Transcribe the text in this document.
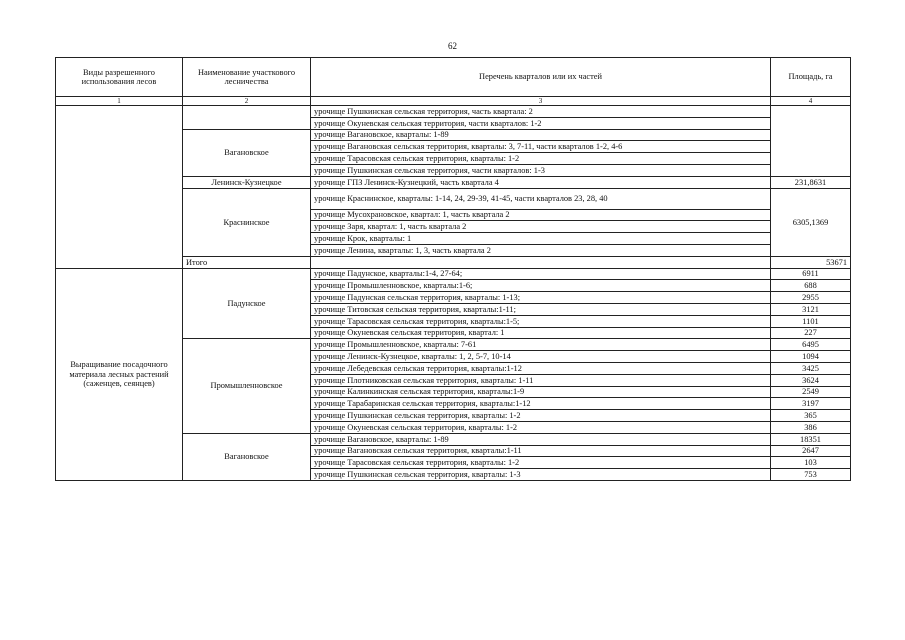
62
Виды разрешенного использования лесов	Наименование участкового лесничества	Перечень кварталов или их частей	Площадь, га
1	2	3	4
		урочище Пушкинская сельская территория, часть квартала: 2	
		урочище Окуневская сельская территория, части кварталов: 1-2	
	Вагановское	урочище Вагановское, кварталы: 1-89	
		урочище Вагановская сельская территория, кварталы: 3, 7-11, части кварталов 1-2, 4-6	
		урочище Тарасовская сельская территория, кварталы: 1-2	
		урочище Пушкинская сельская территория, части кварталов: 1-3	
	Ленинск-Кузнецкое	урочище ГПЗ Ленинск-Кузнецкий, часть квартала 4	231,8631
	Краснинское	урочище Краснинское, кварталы: 1-14, 24, 29-39, 41-45, части кварталов 23, 28, 40	6305,1369
		урочище Мусохрановское, квартал: 1, часть квартала 2	
		урочище Заря, квартал: 1, часть квартала 2	
		урочище Крок, кварталы: 1	
		урочище Ленина, кварталы: 1, 3, часть квартала 2	
	Итого		53671
Выращивание посадочного материала лесных растений (саженцев, сеянцев)	Падунское	урочище Падунское, кварталы:1-4, 27-64;	6911
		урочище Промышленновское, кварталы:1-6;	688
		урочище Падунская сельская территория, кварталы: 1-13;	2955
		урочище Титовская сельская территория, кварталы:1-11;	3121
		урочище Тарасовская сельская территория, кварталы:1-5;	1101
		урочище Окуневская сельская территория, квартал: 1	227
	Промышленновское	урочище Промышленновское, кварталы: 7-61	6495
		урочище Ленинск-Кузнецкое, кварталы: 1, 2, 5-7, 10-14	1094
		урочище Лебедевская сельская территория, кварталы:1-12	3425
		урочище Плотниковская сельская территория, кварталы: 1-11	3624
		урочище Калинкинская сельская территория, кварталы:1-9	2549
		урочище Тарабаринская сельская территория, кварталы:1-12	3197
		урочище Пушкинская сельская территория, кварталы: 1-2	365
		урочище Окуневская сельская территория, кварталы: 1-2	386
	Вагановское	урочище Вагановское, кварталы: 1-89	18351
		урочище Вагановская сельская территория, кварталы:1-11	2647
		урочище Тарасовская сельская территория, кварталы: 1-2	103
		урочище Пушкинская сельская территория, кварталы: 1-3	753
